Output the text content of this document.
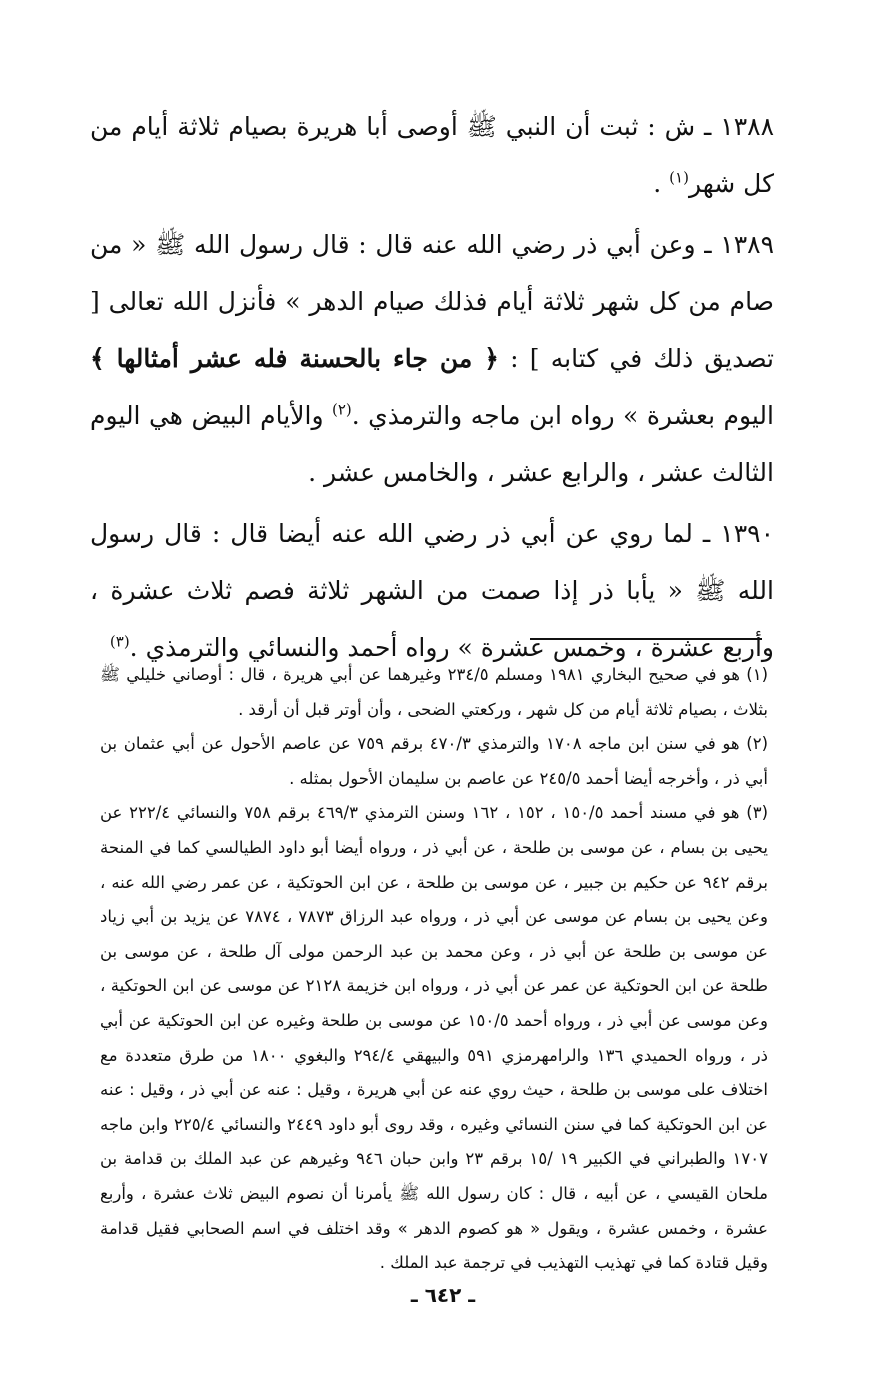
١٣٨٨ ـ ش : ثبت أن النبي ﷺ أوصى أبا هريرة بصيام ثلاثة أيام من كل شهر$^{(١)}$ .

١٣٨٩ ـ وعن أبي ذر رضي الله عنه قال : قال رسول الله ﷺ « من صام من كل شهر ثلاثة أيام فذلك صيام الدهر » فأنزل الله تعالى [ تصديق ذلك في كتابه ] : ﴿ من جاء بالحسنة فله عشر أمثالها ﴾ اليوم بعشرة » رواه ابن ماجه والترمذي .$^{(٢)}$ والأيام البيض هي اليوم الثالث عشر ، والرابع عشر ، والخامس عشر .

١٣٩٠ ـ لما روي عن أبي ذر رضي الله عنه أيضا قال : قال رسول الله ﷺ « يأبا ذر إذا صمت من الشهر ثلاثة فصم ثلاث عشرة ، وأربع عشرة ، وخمس عشرة » رواه أحمد والنسائي والترمذي .$^{(٣)}$

(١) هو في صحيح البخاري ١٩٨١ ومسلم ٢٣٤/٥ وغيرهما عن أبي هريرة ، قال : أوصاني خليلي ﷺ بثلاث ، بصيام ثلاثة أيام من كل شهر ، وركعتي الضحى ، وأن أوتر قبل أن أرقد .

(٢) هو في سنن ابن ماجه ١٧٠٨ والترمذي ٤٧٠/٣ برقم ٧٥٩ عن عاصم الأحول عن أبي عثمان بن أبي ذر ، وأخرجه أيضا أحمد ٢٤٥/٥ عن عاصم بن سليمان الأحول بمثله .

(٣) هو في مسند أحمد ١٥٠/٥ ، ١٥٢ ، ١٦٢ وسنن الترمذي ٤٦٩/٣ برقم ٧٥٨ والنسائي ٢٢٢/٤ عن يحيى بن بسام ، عن موسى بن طلحة ، عن أبي ذر ، ورواه أيضا أبو داود الطيالسي كما في المنحة برقم ٩٤٢ عن حكيم بن جبير ، عن موسى بن طلحة ، عن ابن الحوتكية ، عن عمر رضي الله عنه ، وعن يحيى بن بسام عن موسى عن أبي ذر ، ورواه عبد الرزاق ٧٨٧٣ ، ٧٨٧٤ عن يزيد بن أبي زياد عن موسى بن طلحة عن أبي ذر ، وعن محمد بن عبد الرحمن مولى آل طلحة ، عن موسى بن طلحة عن ابن الحوتكية عن عمر عن أبي ذر ، ورواه ابن خزيمة ٢١٢٨ عن موسى عن ابن الحوتكية ، وعن موسى عن أبي ذر ، ورواه أحمد ١٥٠/٥ عن موسى بن طلحة وغيره عن ابن الحوتكية عن أبي ذر ، ورواه الحميدي ١٣٦ والرامهرمزي ٥٩١ والبيهقي ٢٩٤/٤ والبغوي ١٨٠٠ من طرق متعددة مع اختلاف على موسى بن طلحة ، حيث روي عنه عن أبي هريرة ، وقيل : عنه عن أبي ذر ، وقيل : عنه عن ابن الحوتكية كما في سنن النسائي وغيره ، وقد روى أبو داود ٢٤٤٩ والنسائي ٢٢٥/٤ وابن ماجه ١٧٠٧ والطبراني في الكبير ١٩ /١٥ برقم ٢٣ وابن حبان ٩٤٦ وغيرهم عن عبد الملك بن قدامة بن ملحان القيسي ، عن أبيه ، قال : كان رسول الله ﷺ يأمرنا أن نصوم البيض ثلاث عشرة ، وأربع عشرة ، وخمس عشرة ، ويقول « هو كصوم الدهر » وقد اختلف في اسم الصحابي فقيل قدامة وقيل قتادة كما في تهذيب التهذيب في ترجمة عبد الملك .

ـ ٦٤٢ ـ
